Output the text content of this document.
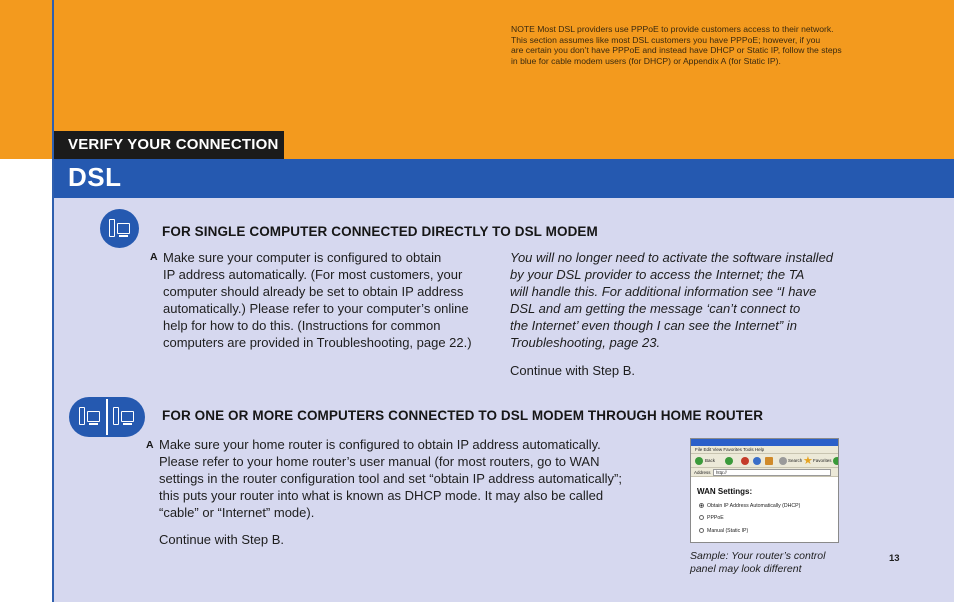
NOTE Most DSL providers use PPPoE to provide customers access to their network.
This section assumes like most DSL customers you have PPPoE; however, if you
are certain you don’t have PPPoE and instead have DHCP or Static IP, follow the steps
in blue for cable modem users (for DHCP) or Appendix A (for Static IP).
VERIFY YOUR CONNECTION
DSL
FOR SINGLE COMPUTER CONNECTED DIRECTLY TO DSL MODEM
A Make sure your computer is configured to obtain
IP address automatically. (For most customers, your
computer should already be set to obtain IP address
automatically.) Please refer to your computer’s online
help for how to do this. (Instructions for common
computers are provided in Troubleshooting, page 22.)
You will no longer need to activate the software installed
by your DSL provider to access the Internet; the TA
will handle this. For additional information see “I have
DSL and am getting the message ‘can’t connect to
the Internet’ even though I can see the Internet” in
Troubleshooting, page 23.
Continue with Step B.
FOR ONE OR MORE COMPUTERS CONNECTED TO DSL MODEM THROUGH HOME ROUTER
A Make sure your home router is configured to obtain IP address automatically.
Please refer to your home router’s user manual (for most routers, go to WAN
settings in the router configuration tool and set “obtain IP address automatically”;
this puts your router into what is known as DHCP mode. It may also be called
“cable” or “Internet” mode).
Continue with Step B.
File Edit View Favorites Tools Help
Back	Search ★ Favorites
Address	http://
WAN Settings:
Obtain IP Address Automatically (DHCP)
PPPoE
Manual (Static IP)
Sample: Your router’s control
panel may look different
13
